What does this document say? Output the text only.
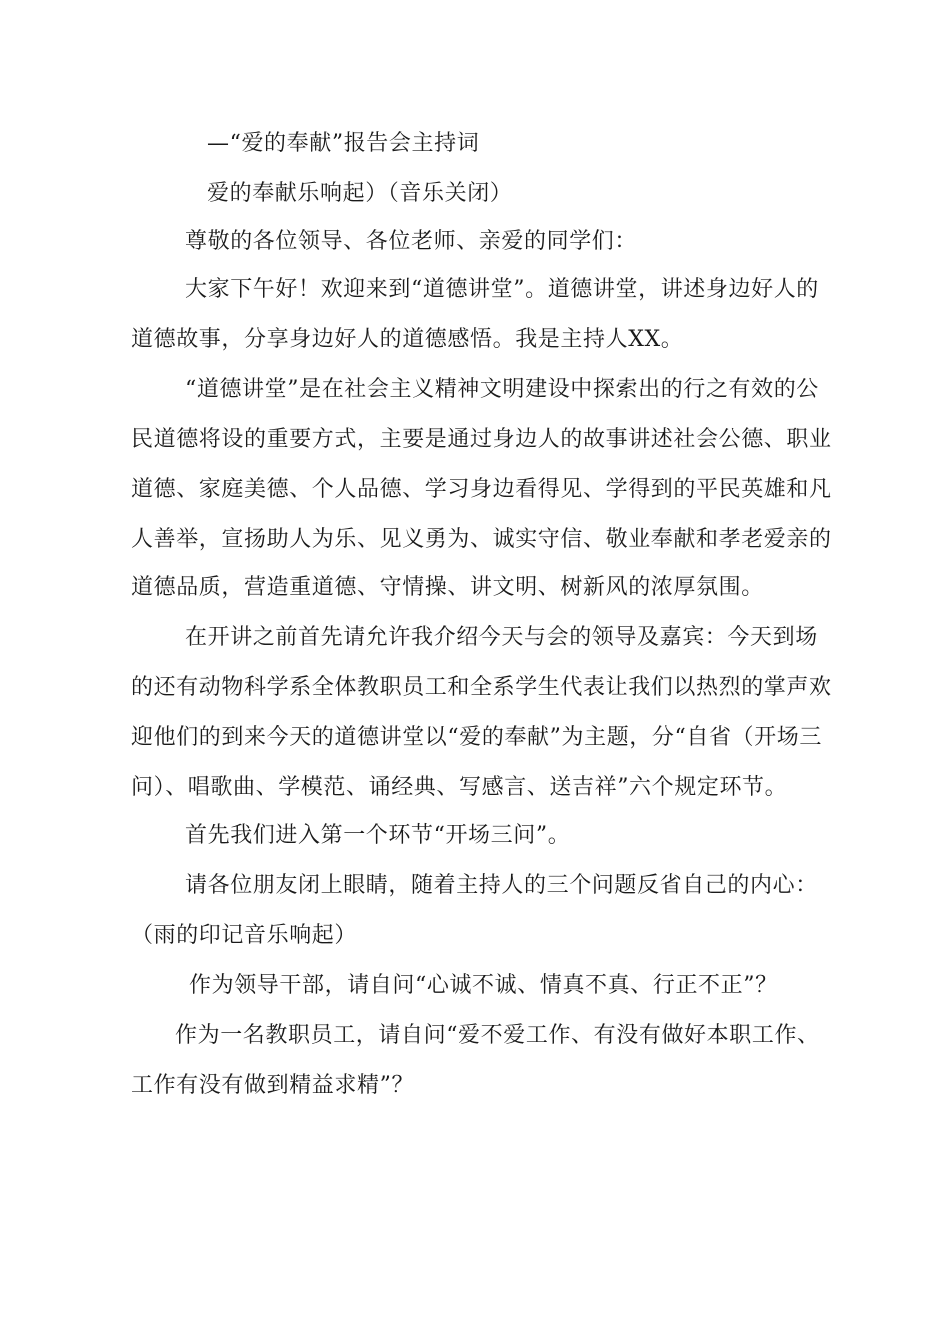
—“爱的奉献”报告会主持词

爱的奉献乐响起）（音乐关闭）

尊敬的各位领导、各位老师、亲爱的同学们：

大家下午好！欢迎来到“道德讲堂”。道德讲堂，讲述身边好人的

道德故事，分享身边好人的道德感悟。我是主持人XX。

“道德讲堂”是在社会主义精神文明建设中探索出的行之有效的公

民道德将设的重要方式，主要是通过身边人的故事讲述社会公德、职业

道德、家庭美德、个人品德、学习身边看得见、学得到的平民英雄和凡

人善举，宣扬助人为乐、见义勇为、诚实守信、敬业奉献和孝老爱亲的

道德品质，营造重道德、守情操、讲文明、树新风的浓厚氛围。

在开讲之前首先请允许我介绍今天与会的领导及嘉宾：今天到场

的还有动物科学系全体教职员工和全系学生代表让我们以热烈的掌声欢

迎他们的到来今天的道德讲堂以“爱的奉献”为主题，分“自省（开场三

问）、唱歌曲、学模范、诵经典、写感言、送吉祥”六个规定环节。

首先我们进入第一个环节“开场三问”。

请各位朋友闭上眼睛，随着主持人的三个问题反省自己的内心：

（雨的印记音乐响起）

作为领导干部，请自问“心诚不诚、情真不真、行正不正”？

作为一名教职员工，请自问“爱不爱工作、有没有做好本职工作、

工作有没有做到精益求精”？
